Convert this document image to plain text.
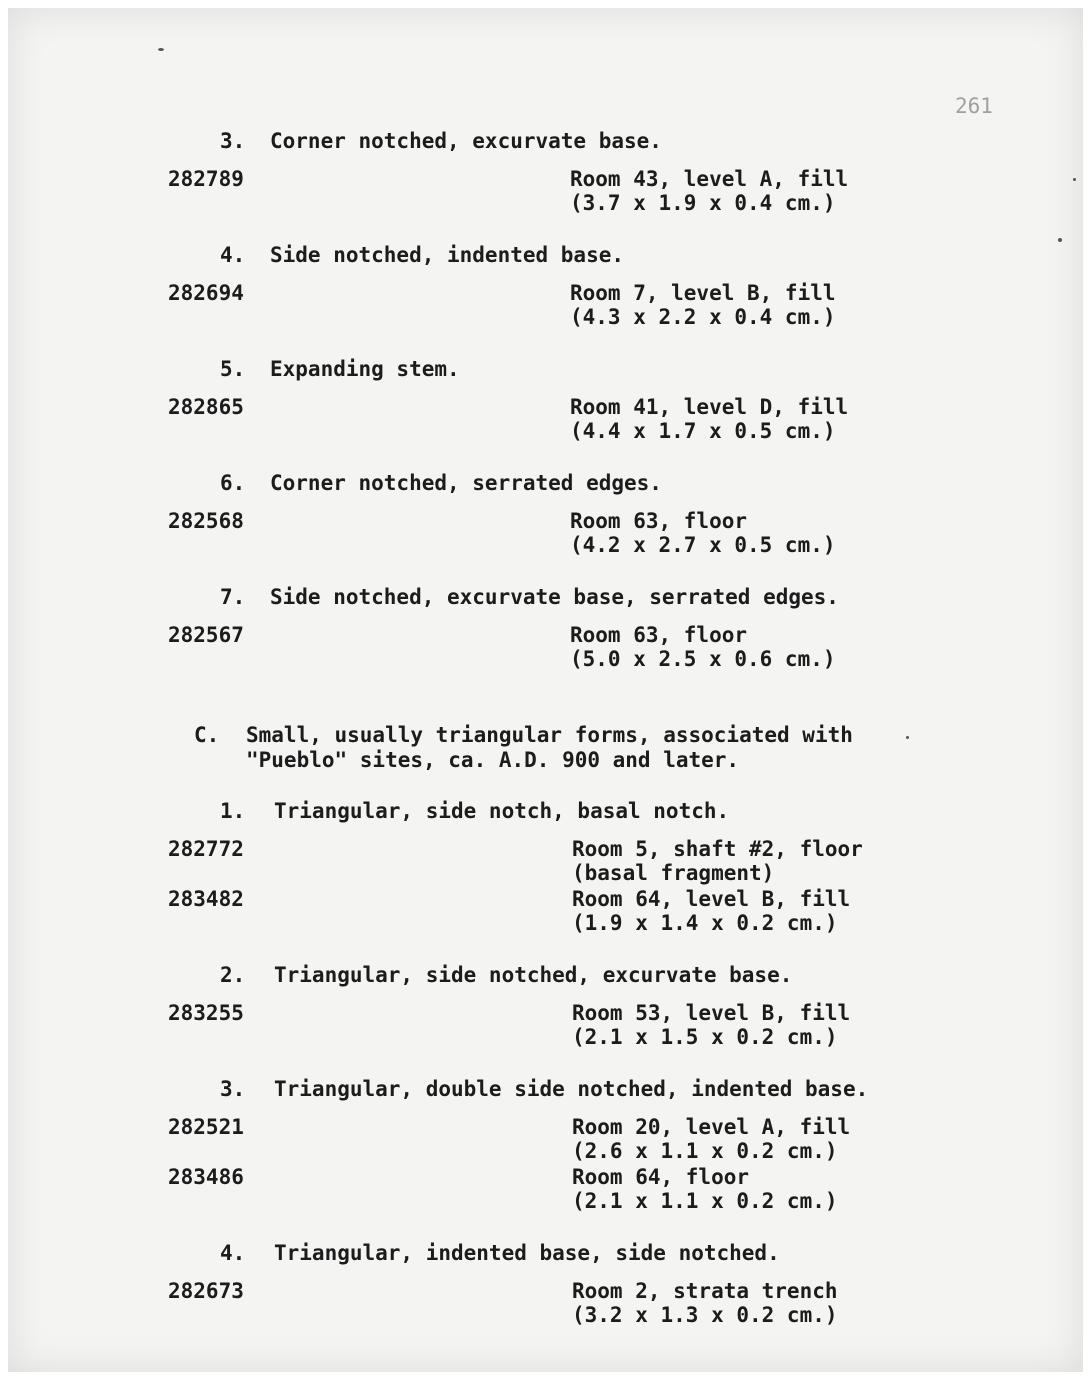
261
3. Corner notched, excurvate base.
282789	Room 43, level A, fill
(3.7 x 1.9 x 0.4 cm.)
4. Side notched, indented base.
282694	Room 7, level B, fill
(4.3 x 2.2 x 0.4 cm.)
5. Expanding stem.
282865	Room 41, level D, fill
(4.4 x 1.7 x 0.5 cm.)
6. Corner notched, serrated edges.
282568	Room 63, floor
(4.2 x 2.7 x 0.5 cm.)
7. Side notched, excurvate base, serrated edges.
282567	Room 63, floor
(5.0 x 2.5 x 0.6 cm.)
C. Small, usually triangular forms, associated with
"Pueblo" sites, ca. A.D. 900 and later.
1. Triangular, side notch, basal notch.
282772	Room 5, shaft #2, floor
(basal fragment)
283482	Room 64, level B, fill
(1.9 x 1.4 x 0.2 cm.)
2. Triangular, side notched, excurvate base.
283255	Room 53, level B, fill
(2.1 x 1.5 x 0.2 cm.)
3. Triangular, double side notched, indented base.
282521	Room 20, level A, fill
(2.6 x 1.1 x 0.2 cm.)
283486	Room 64, floor
(2.1 x 1.1 x 0.2 cm.)
4. Triangular, indented base, side notched.
282673	Room 2, strata trench
(3.2 x 1.3 x 0.2 cm.)
